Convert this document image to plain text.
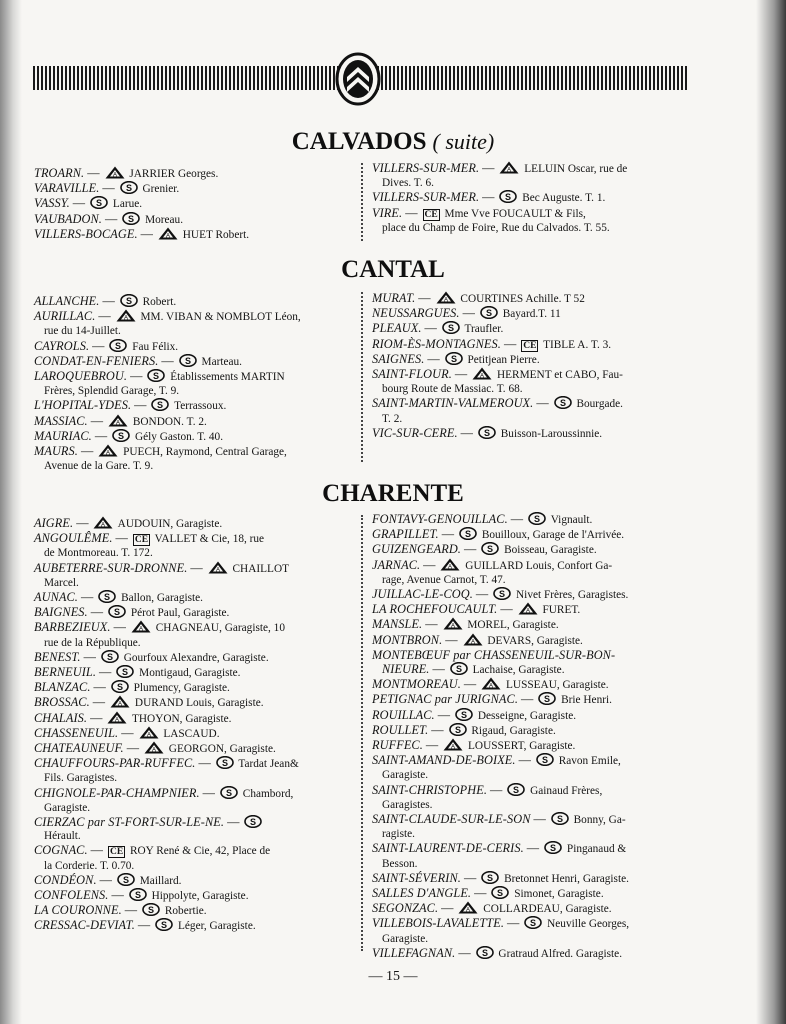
CALVADOS ( suite)
TROARN. — A JARRIER Georges.
VARAVILLE. — S Grenier.
VASSY. — S Larue.
VAUBADON. — S Moreau.
VILLERS-BOCAGE. — A HUET Robert.
VILLERS-SUR-MER. — A LELUIN Oscar, rue de
Dives. T. 6.
VILLERS-SUR-MER. — S Bec Auguste. T. 1.
VIRE. — CE Mme Vve FOUCAULT & Fils,
place du Champ de Foire, Rue du Calvados. T. 55.
CANTAL
ALLANCHE. — S Robert.
AURILLAC. — A MM. VIBAN & NOMBLOT Léon,
rue du 14-Juillet.
CAYROLS. — S Fau Félix.
CONDAT-EN-FENIERS. — S Marteau.
LAROQUEBROU. — S Établissements MARTIN
Frères, Splendid Garage, T. 9.
L'HOPITAL-YDES. — S Terrassoux.
MASSIAC. — A BONDON. T. 2.
MAURIAC. — S Gély Gaston. T. 40.
MAURS. — A PUECH, Raymond, Central Garage,
Avenue de la Gare. T. 9.
MURAT. — A COURTINES Achille. T 52
NEUSSARGUES. — S Bayard.T. 11
PLEAUX. — S Traufler.
RIOM-ÈS-MONTAGNES. — CE TIBLE A. T. 3.
SAIGNES. — S Petitjean Pierre.
SAINT-FLOUR. — A HERMENT et CABO, Fau-
bourg Route de Massiac. T. 68.
SAINT-MARTIN-VALMEROUX. — S Bourgade.
T. 2.
VIC-SUR-CERE. — S Buisson-Laroussinnie.
CHARENTE
AIGRE. — A AUDOUIN, Garagiste.
ANGOULÊME. — CE VALLET & Cie, 18, rue
de Montmoreau. T. 172.
AUBETERRE-SUR-DRONNE. — A CHAILLOT
Marcel.
AUNAC. — S Ballon, Garagiste.
BAIGNES. — S Pérot Paul, Garagiste.
BARBEZIEUX. — A CHAGNEAU, Garagiste, 10
rue de la République.
BENEST. — S Gourfoux Alexandre, Garagiste.
BERNEUIL. — S Montigaud, Garagiste.
BLANZAC. — S Plumency, Garagiste.
BROSSAC. — A DURAND Louis, Garagiste.
CHALAIS. — A THOYON, Garagiste.
CHASSENEUIL. — A LASCAUD.
CHATEAUNEUF. — A GEORGON, Garagiste.
CHAUFFOURS-PAR-RUFFEC. — S Tardat Jean&
Fils. Garagistes.
CHIGNOLE-PAR-CHAMPNIER. — S Chambord,
Garagiste.
CIERZAC par ST-FORT-SUR-LE-NE. — S
Hérault.
COGNAC. — CE ROY René & Cie, 42, Place de
la Corderie. T. 0.70.
CONDÉON. — S Maillard.
CONFOLENS. — S Hippolyte, Garagiste.
LA COURONNE. — S Robertie.
CRESSAC-DEVIAT. — S Léger, Garagiste.
FONTAVY-GENOUILLAC. — S Vignault.
GRAPILLET. — S Bouilloux, Garage de l'Arrivée.
GUIZENGEARD. — S Boisseau, Garagiste.
JARNAC. — A GUILLARD Louis, Confort Ga-
rage, Avenue Carnot, T. 47.
JUILLAC-LE-COQ. — S Nivet Frères, Garagistes.
LA ROCHEFOUCAULT. — A FURET.
MANSLE. — A MOREL, Garagiste.
MONTBRON. — A DEVARS, Garagiste.
MONTEBŒUF par CHASSENEUIL-SUR-BON-
NIEURE. — S Lachaise, Garagiste.
MONTMOREAU. — A LUSSEAU, Garagiste.
PETIGNAC par JURIGNAC. — S Brie Henri.
ROUILLAC. — S Desseigne, Garagiste.
ROULLET. — S Rigaud, Garagiste.
RUFFEC. — A LOUSSERT, Garagiste.
SAINT-AMAND-DE-BOIXE. — S Ravon Emile,
Garagiste.
SAINT-CHRISTOPHE. — S Gainaud Frères,
Garagistes.
SAINT-CLAUDE-SUR-LE-SON — S Bonny, Ga-
ragiste.
SAINT-LAURENT-DE-CERIS. — S Pinganaud &
Besson.
SAINT-SÉVERIN. — S Bretonnet Henri, Garagiste.
SALLES D'ANGLE. — S Simonet, Garagiste.
SEGONZAC. — A COLLARDEAU, Garagiste.
VILLEBOIS-LAVALETTE. — S Neuville Georges,
Garagiste.
VILLEFAGNAN. — S Gratraud Alfred. Garagiste.
— 15 —
